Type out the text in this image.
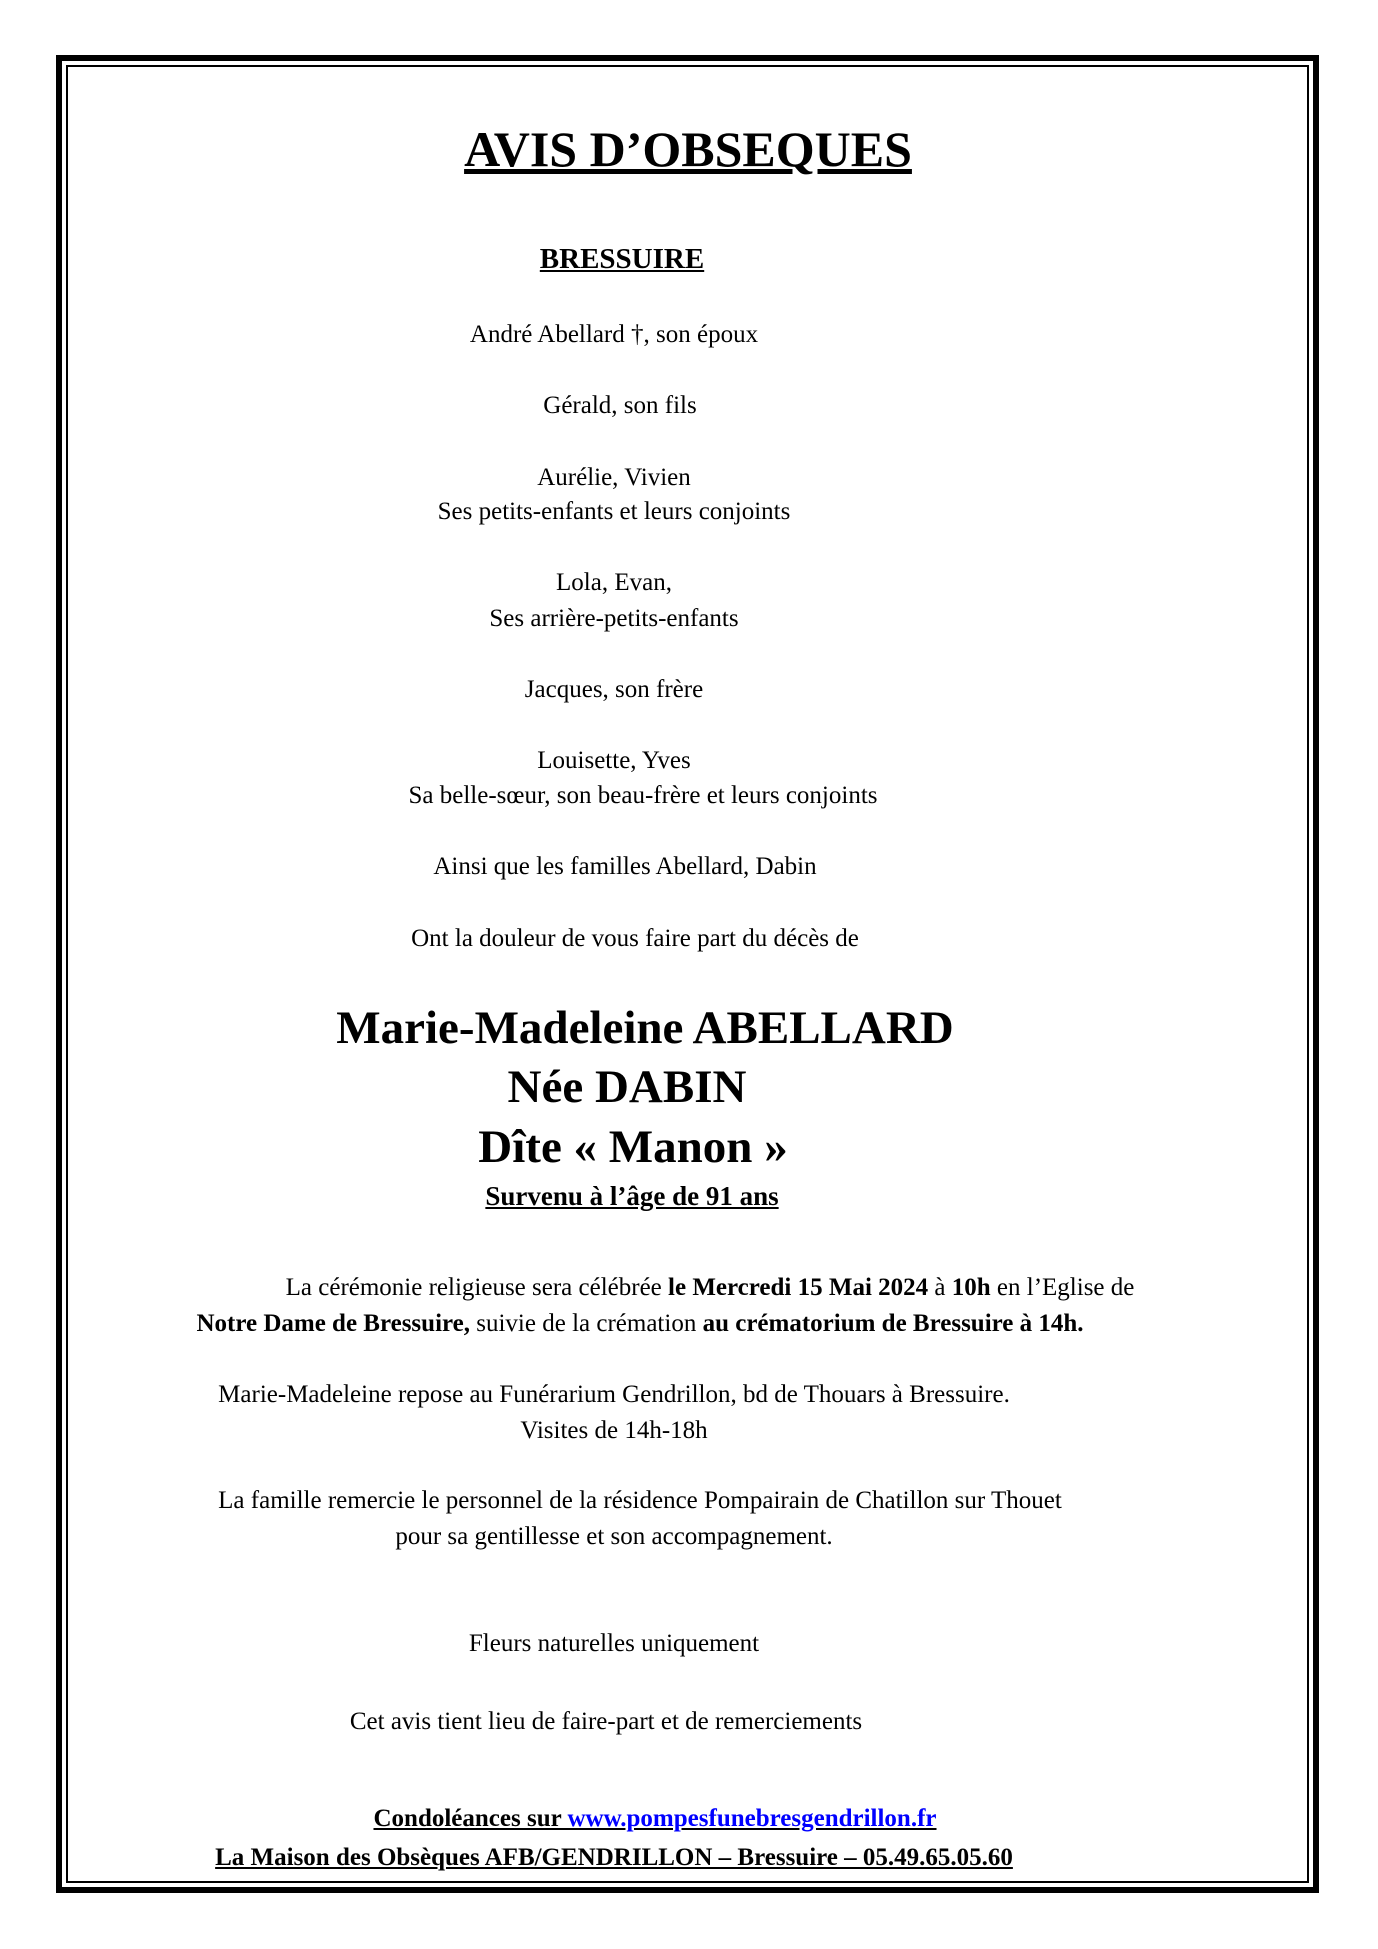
AVIS D’OBSEQUES
BRESSUIRE
André Abellard †, son époux
Gérald, son fils
Aurélie, Vivien
Ses petits-enfants et leurs conjoints
Lola, Evan,
Ses arrière-petits-enfants
Jacques, son frère
Louisette, Yves
Sa belle-sœur, son beau-frère et leurs conjoints
Ainsi que les familles Abellard, Dabin
Ont la douleur de vous faire part du décès de
Marie-Madeleine ABELLARD
Née DABIN
Dîte « Manon »
Survenu à l’âge de 91 ans
La cérémonie religieuse sera célébrée le Mercredi 15 Mai 2024 à 10h en l’Eglise de
Notre Dame de Bressuire, suivie de la crémation au crématorium de Bressuire à 14h.
Marie-Madeleine repose au Funérarium Gendrillon, bd de Thouars à Bressuire.
Visites de 14h-18h
La famille remercie le personnel de la résidence Pompairain de Chatillon sur Thouet
pour sa gentillesse et son accompagnement.
Fleurs naturelles uniquement
Cet avis tient lieu de faire-part et de remerciements
Condoléances sur www.pompesfunebresgendrillon.fr
La Maison des Obsèques AFB/GENDRILLON – Bressuire – 05.49.65.05.60
